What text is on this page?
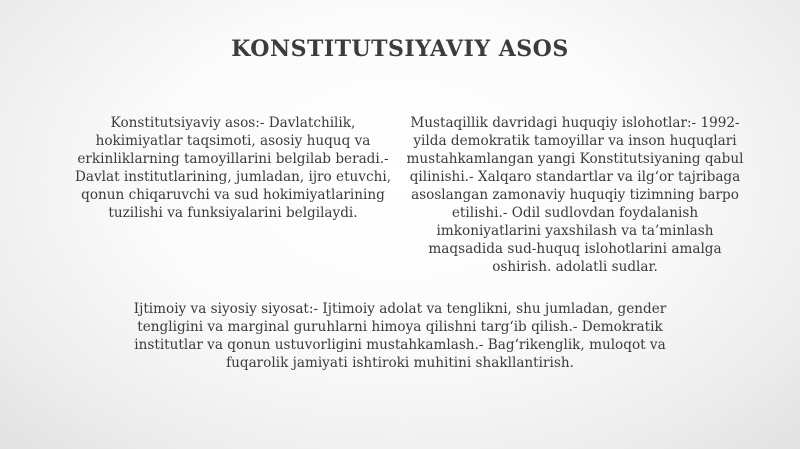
KONSTITUTSIYAVIY ASOS

Konstitutsiyaviy asos:- Davlatchilik, hokimiyatlar taqsimoti, asosiy huquq va erkinliklarning tamoyillarini belgilab beradi.- Davlat institutlarining, jumladan, ijro etuvchi, qonun chiqaruvchi va sud hokimiyatlarining tuzilishi va funksiyalarini belgilaydi.

Mustaqillik davridagi huquqiy islohotlar:- 1992-yilda demokratik tamoyillar va inson huquqlari mustahkamlangan yangi Konstitutsiyaning qabul qilinishi.- Xalqaro standartlar va ilg‘or tajribaga asoslangan zamonaviy huquqiy tizimning barpo etilishi.- Odil sudlovdan foydalanish imkoniyatlarini yaxshilash va ta’minlash maqsadida sud-huquq islohotlarini amalga oshirish. adolatli sudlar.

Ijtimoiy va siyosiy siyosat:- Ijtimoiy adolat va tenglikni, shu jumladan, gender tengligini va marginal guruhlarni himoya qilishni targ‘ib qilish.- Demokratik institutlar va qonun ustuvorligini mustahkamlash.- Bag‘rikenglik, muloqot va fuqarolik jamiyati ishtiroki muhitini shakllantirish.
